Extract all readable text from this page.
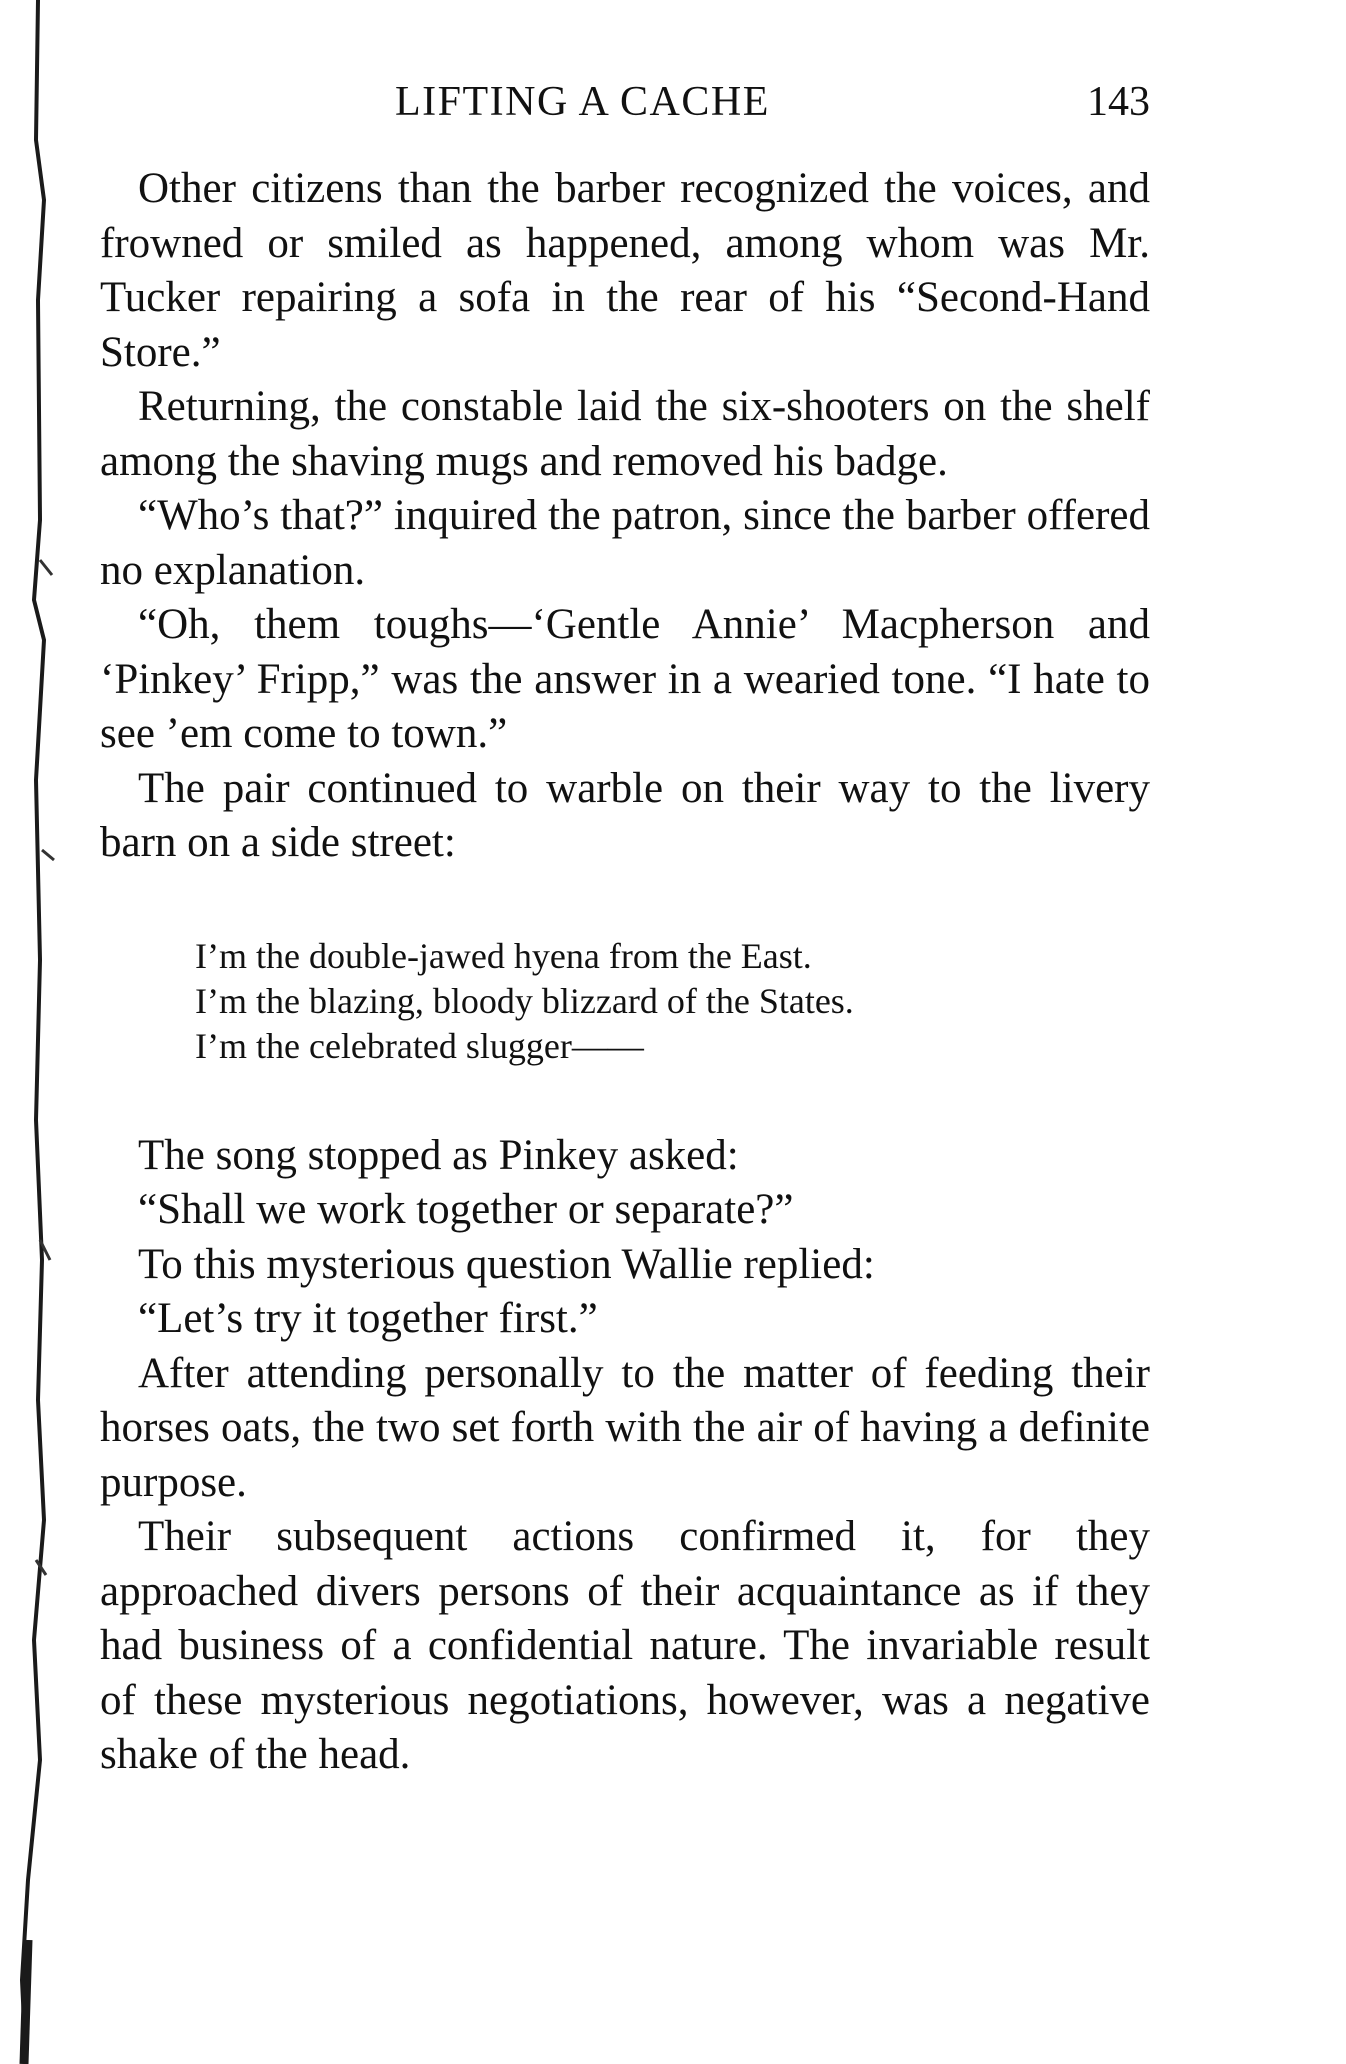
LIFTING A CACHE	143

Other citizens than the barber recognized the voices, and frowned or smiled as happened, among whom was Mr. Tucker repairing a sofa in the rear of his “Second-Hand Store.”

Returning, the constable laid the six-shooters on the shelf among the shaving mugs and removed his badge.

“Who’s that?” inquired the patron, since the barber offered no explanation.

“Oh, them toughs—‘Gentle Annie’ Macpherson and ‘Pinkey’ Fripp,” was the answer in a wearied tone. “I hate to see ’em come to town.”

The pair continued to warble on their way to the livery barn on a side street:

I’m the double-jawed hyena from the East.
I’m the blazing, bloody blizzard of the States.
I’m the celebrated slugger——

The song stopped as Pinkey asked:

“Shall we work together or separate?”

To this mysterious question Wallie replied:

“Let’s try it together first.”

After attending personally to the matter of feeding their horses oats, the two set forth with the air of having a definite purpose.

Their subsequent actions confirmed it, for they approached divers persons of their acquaintance as if they had business of a confidential nature. The invariable result of these mysterious negotiations, however, was a negative shake of the head.
